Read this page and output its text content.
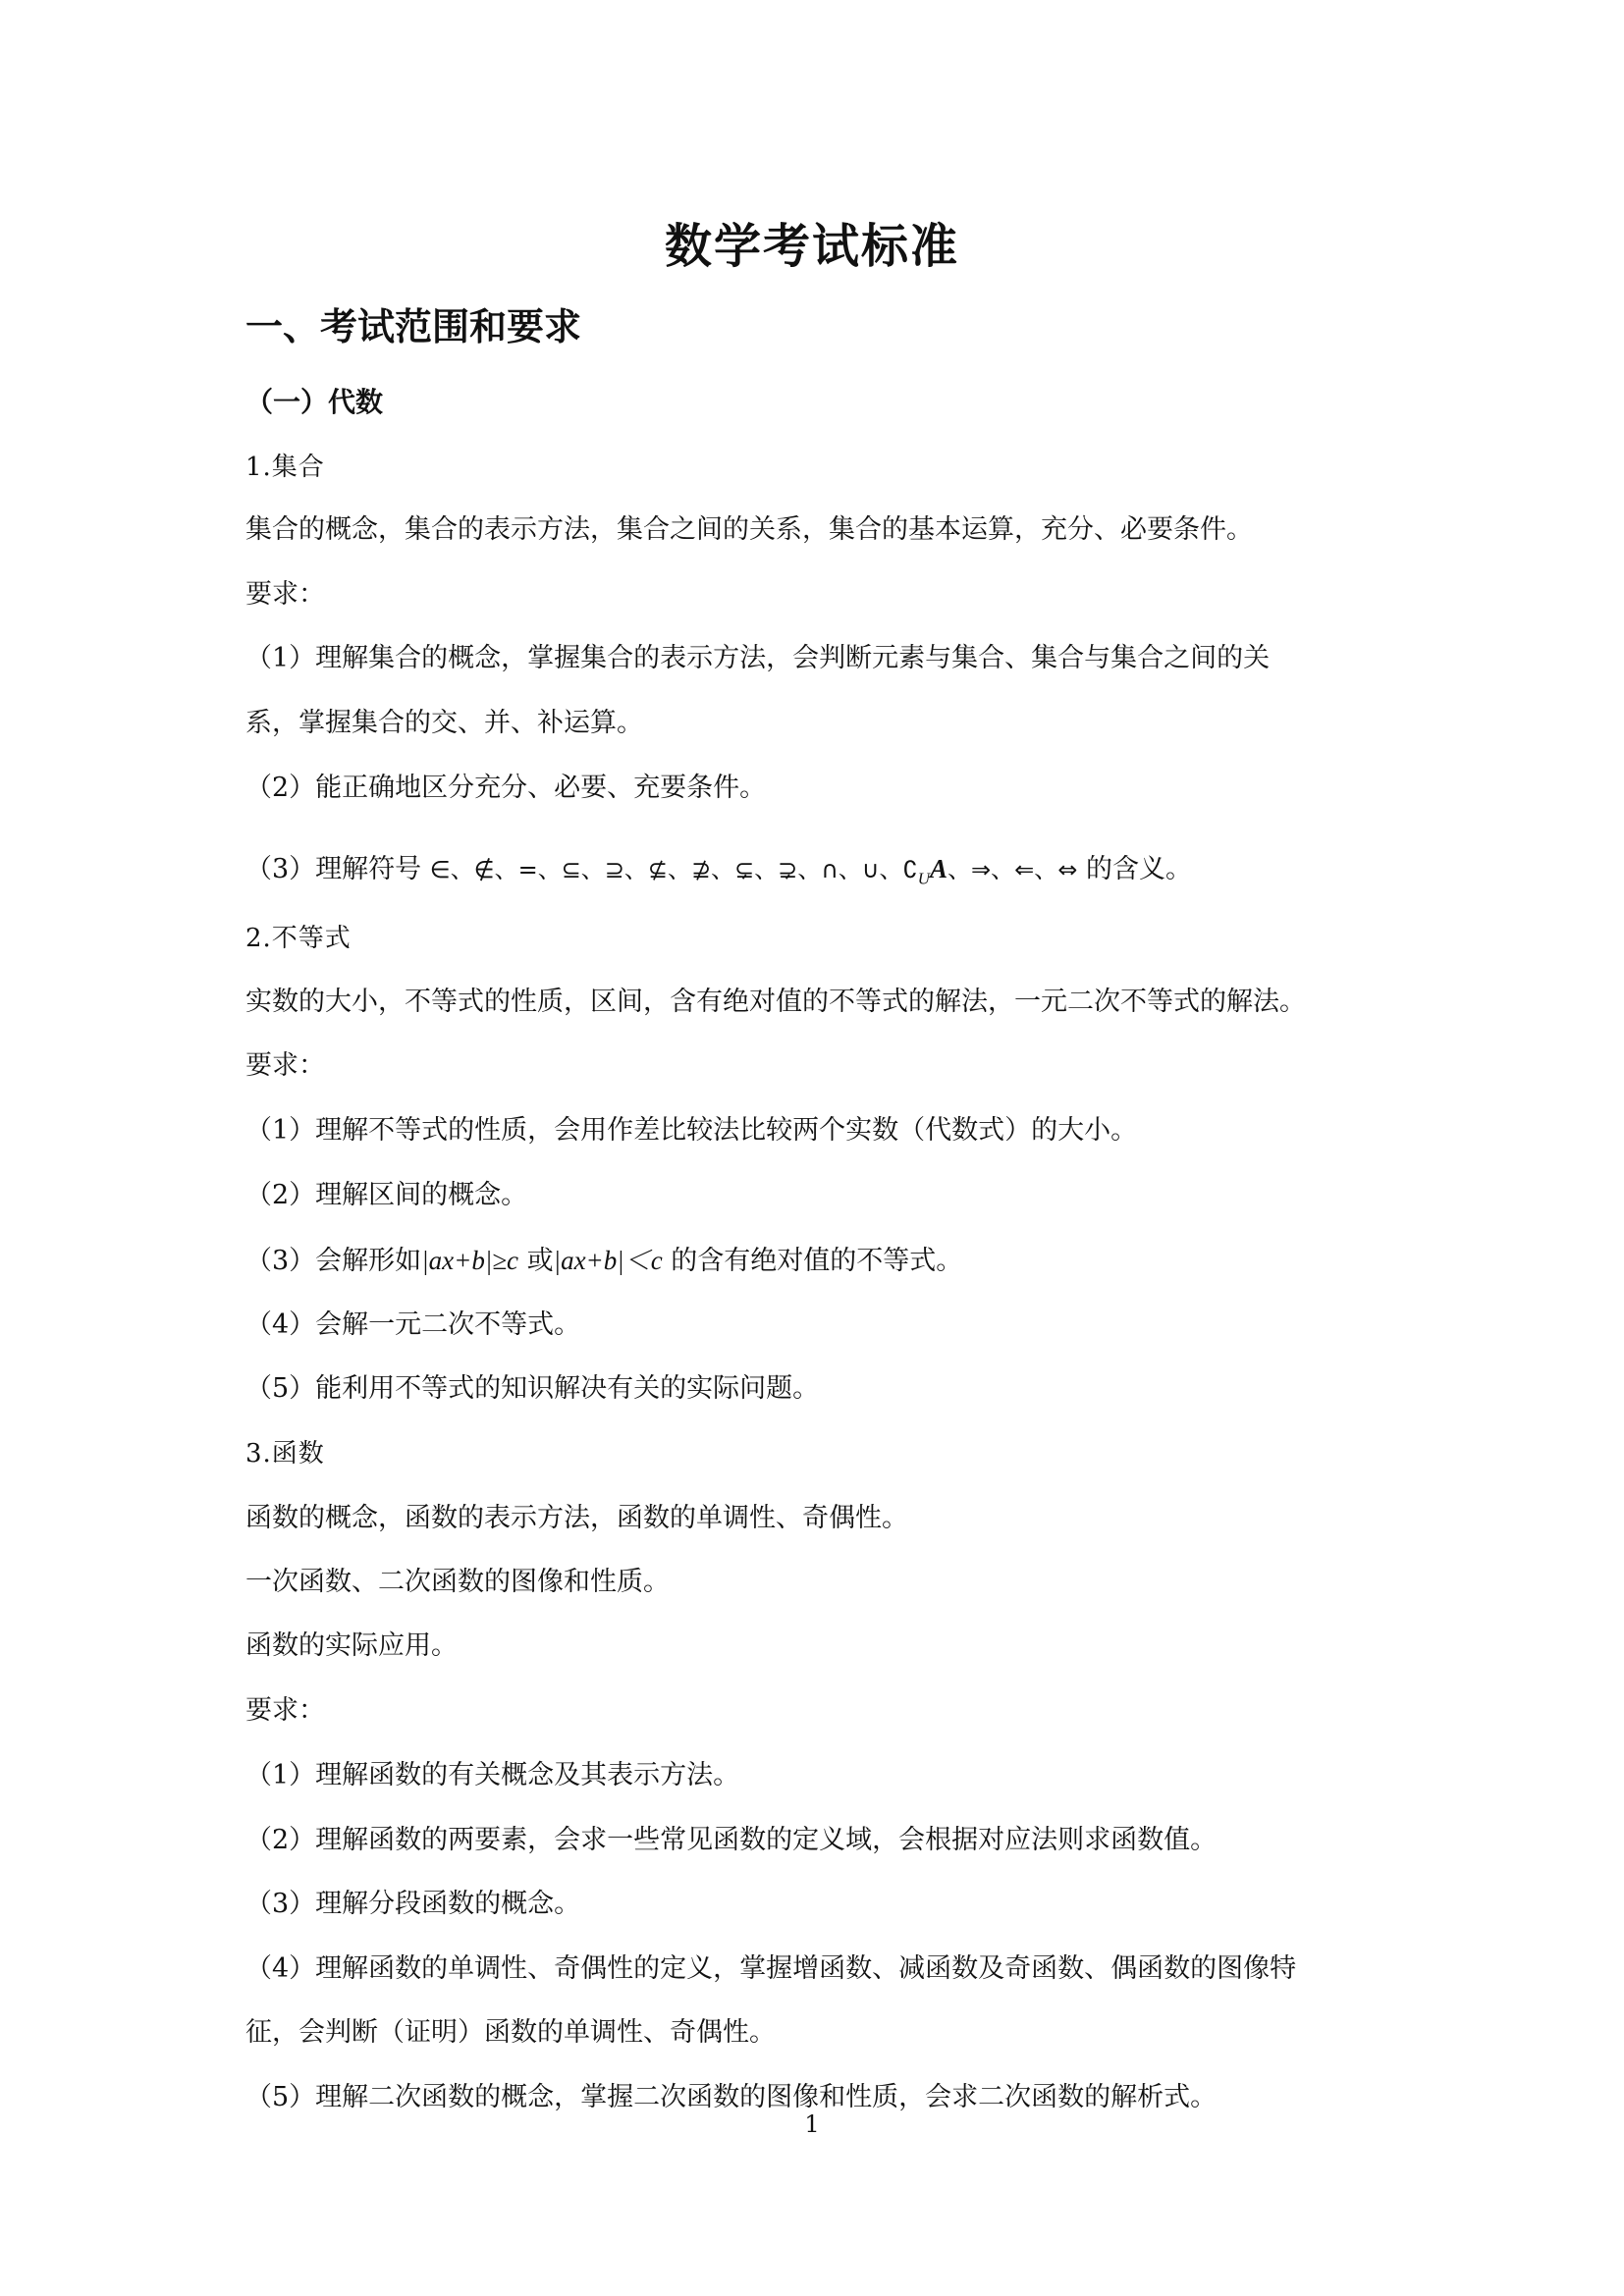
数学考试标准
一、考试范围和要求
（一）代数
1.集合
集合的概念，集合的表示方法，集合之间的关系，集合的基本运算，充分、必要条件。
要求：
（1）理解集合的概念，掌握集合的表示方法，会判断元素与集合、集合与集合之间的关
系，掌握集合的交、并、补运算。
（2）能正确地区分充分、必要、充要条件。
（3）理解符号 ∈、∉、=、⊆、⊇、⊈、⊉、⊊、⊋、∩、∪、$∁_UA$、⇒、⇐、⇔ 的含义。
2.不等式
实数的大小，不等式的性质，区间，含有绝对值的不等式的解法，一元二次不等式的解法。
要求：
（1）理解不等式的性质，会用作差比较法比较两个实数（代数式）的大小。
（2）理解区间的概念。
（3）会解形如|ax+b|≥c 或|ax+b|＜c 的含有绝对值的不等式。
（4）会解一元二次不等式。
（5）能利用不等式的知识解决有关的实际问题。
3.函数
函数的概念，函数的表示方法，函数的单调性、奇偶性。
一次函数、二次函数的图像和性质。
函数的实际应用。
要求：
（1）理解函数的有关概念及其表示方法。
（2）理解函数的两要素，会求一些常见函数的定义域，会根据对应法则求函数值。
（3）理解分段函数的概念。
（4）理解函数的单调性、奇偶性的定义，掌握增函数、减函数及奇函数、偶函数的图像特
征，会判断（证明）函数的单调性、奇偶性。
（5）理解二次函数的概念，掌握二次函数的图像和性质，会求二次函数的解析式。
1
